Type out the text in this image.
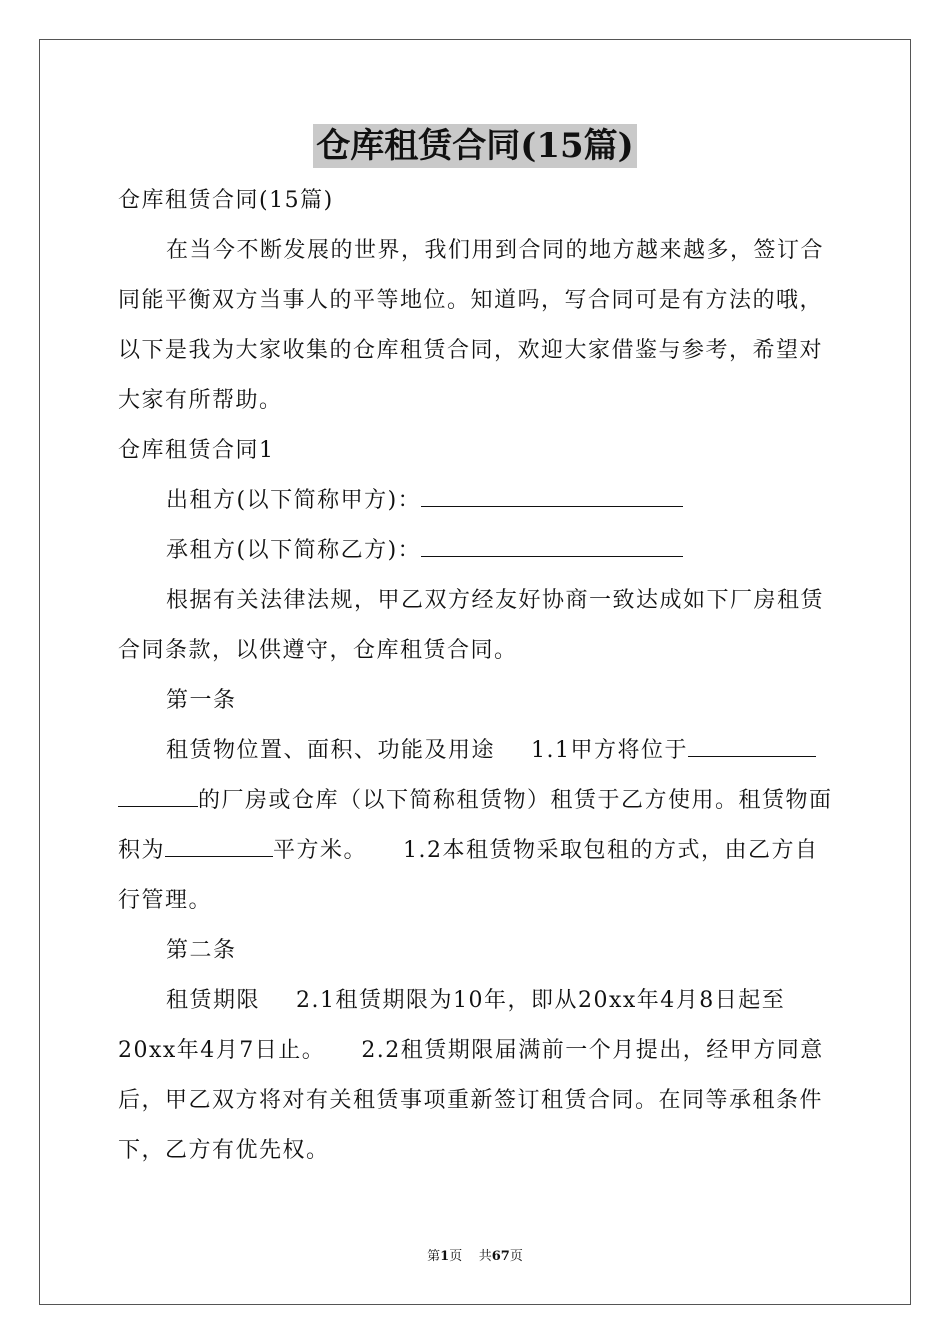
仓库租赁合同(15篇)

仓库租赁合同(15篇)

在当今不断发展的世界，我们用到合同的地方越来越多，签订合同能平衡双方当事人的平等地位。知道吗，写合同可是有方法的哦，以下是我为大家收集的仓库租赁合同，欢迎大家借鉴与参考，希望对大家有所帮助。

仓库租赁合同1

出租方(以下简称甲方)：

承租方(以下简称乙方)：

根据有关法律法规，甲乙双方经友好协商一致达成如下厂房租赁合同条款，以供遵守，仓库租赁合同。

第一条

租赁物位置、面积、功能及用途 1.1甲方将位于的厂房或仓库（以下简称租赁物）租赁于乙方使用。租赁物面积为	平方米。 1.2本租赁物采取包租的方式，由乙方自行管理。

第二条

租赁期限 2.1租赁期限为10年，即从20xx年4月8日起至20xx年4月7日止。 2.2租赁期限届满前一个月提出，经甲方同意后，甲乙双方将对有关租赁事项重新签订租赁合同。在同等承租条件下，乙方有优先权。

第1页 共67页
